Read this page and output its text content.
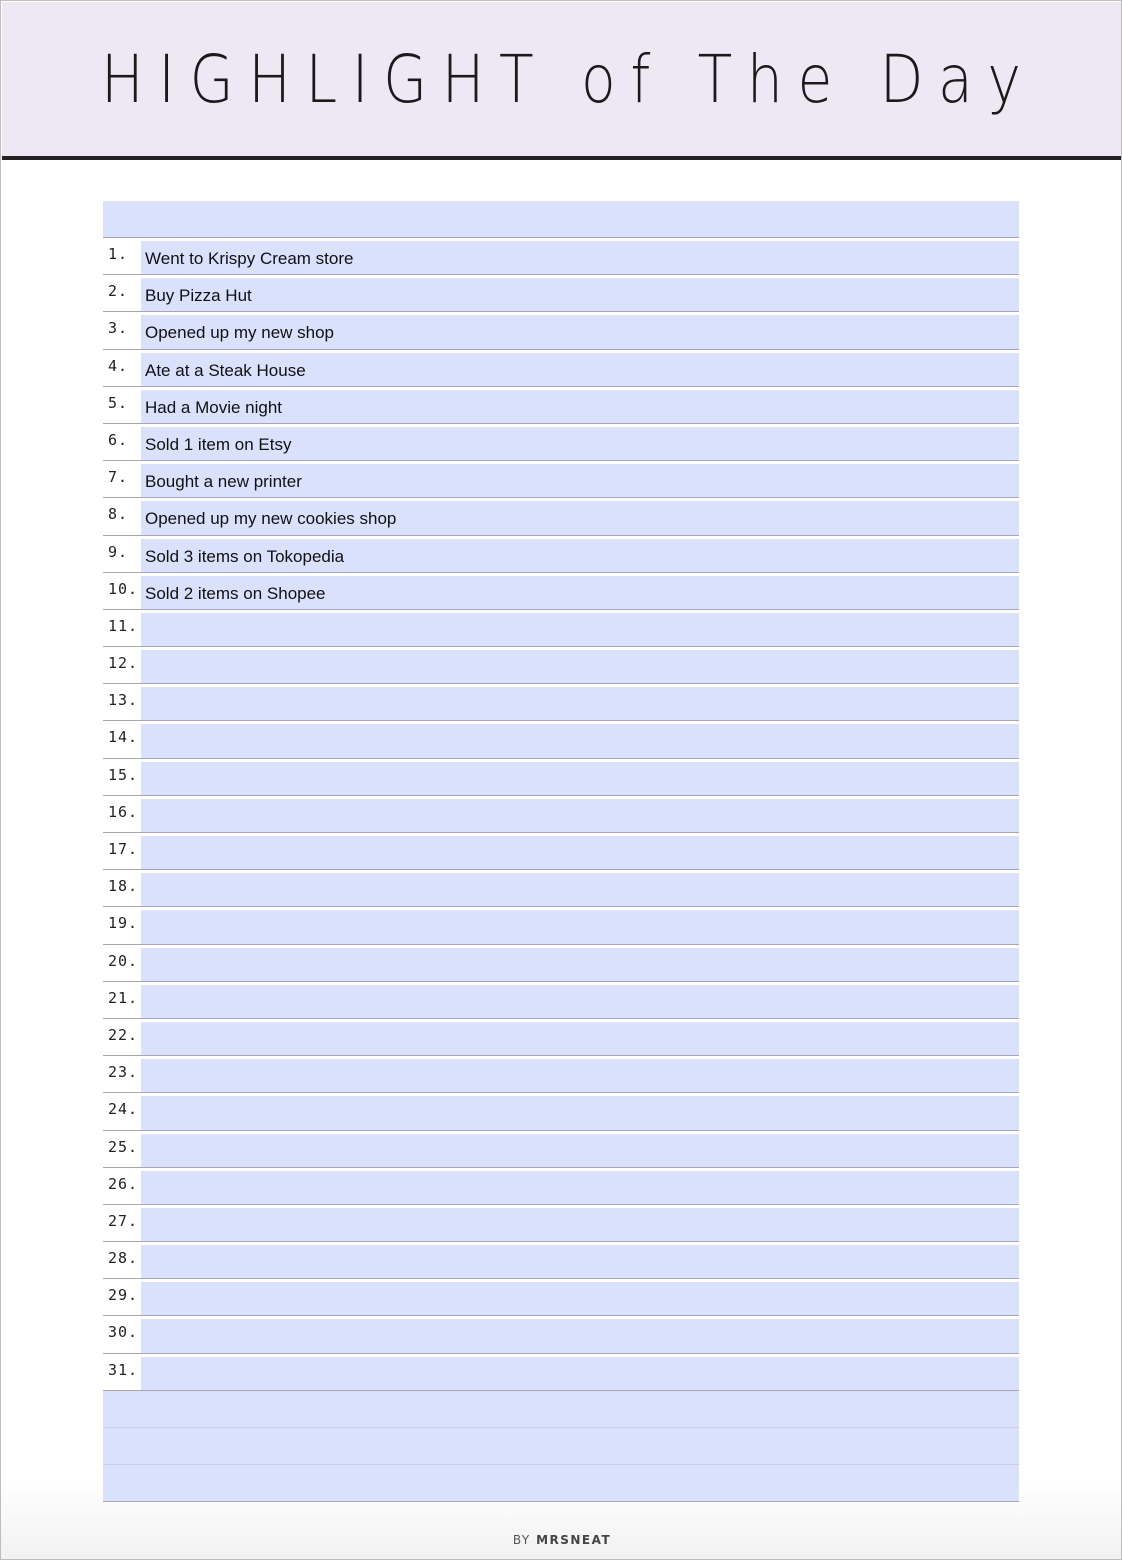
HIGHLIGHT of The Day
1. Went to Krispy Cream store
2. Buy Pizza Hut
3. Opened up my new shop
4. Ate at a Steak House
5. Had a Movie night
6. Sold 1 item on Etsy
7. Bought a new printer
8. Opened up my new cookies shop
9. Sold 3 items on Tokopedia
10. Sold 2 items on Shopee
11.
12.
13.
14.
15.
16.
17.
18.
19.
20.
21.
22.
23.
24.
25.
26.
27.
28.
29.
30.
31.
BY MRSNEAT
